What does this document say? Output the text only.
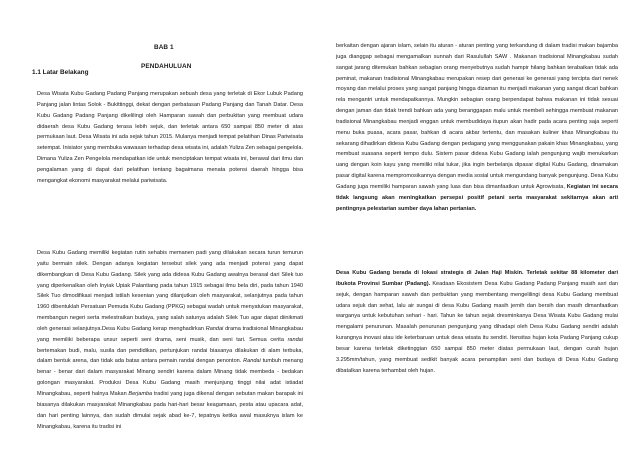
BAB 1
PENDAHULUAN
1.1 Latar Belakang

Desa Wisata Kubu Gadang Padang Panjang merupakan sebuah desa yang terletak di Ekor Lubuk Padang Panjang jalan lintas Solok - Bukittinggi, dekat dengan perbatasan Padang Panjang dan Tanah Datar. Desa Kubu Gadang Padang Panjang dikelilingi oleh Hamparan sawah dan perbukitan yang membuat udara didaerah desa Kubu Gadang terasa lebih sejuk, dan terletak antara 650 sampai 850 meter di atas permukaan laut. Desa Wisata ini ada sejak tahun 2015. Mulanya menjadi tempat pelatihan Dinas Pariwisata setempat. Inisiator yang membuka wawasan terhadap desa wisata ini, adalah Yuliza Zen sebagai pengelola. Dimana Yuliza Zen Pengelola mendapatkan ide untuk menciptakan tempat wisata ini, berawal dari ilmu dan pengalaman yang di dapat dari pelatihan tentang bagaimana menata potensi daerah hingga bisa mengangkat ekonomi masyarakat melalui pariwisata.

Desa Kubu Gadang memiliki kegiatan rutin sehabis memanen padi yang dilakukan secara turun temurun yaitu bermain silek. Dengan adanya kegiatan tersebut silek yang ada menjadi potensi yang dapat dikembangkan di Desa Kubu Gadang. Silek yang ada didesa Kubu Gadang awalnya berasal dari Silek tuo yang diperkenalkan oleh Inyiak Upiak Palantiang pada tahun 1915 sebagai ilmu bela diri, pada tahun 1940 Silek Tuo dimodifikasi menjadi istilah kesenian yang dilanjutkan oleh masyarakat, selanjutnya pada tahun 1960 dibentuklah Persatuan Pemuda Kubu Gadang (PPKG) sebagai wadah untuk menyatukan masyarakat, membangun negeri serta melestraikan budaya, yang salah satunya adalah Silek Tuo agar dapat diinikmati oleh generasi selanjutnya.Desa Kubu Gadang kerap menghadirkan Randai drama tradisional Minangkabau yang memiliki beberapa unsur seperti seni drama, seni musik, dan seni tari. Semua cerita randai bertemakan budi, malu, susila dan pendidikan, pertunjukan randai biasanya dilakukan di alam terbuka, dalam bentuk arena, dan tidak ada batas antara pemain randai dengan penonton. Randai tumbuh menang benar - benar dari dalam masyarakat Minang sendiri karena dalam Minang tidak membeda - bedakan golongan masyarakat. Produksi Desa Kubu Gadang masih menjunjung tinggi nilai adat istiadat Minangkabau, seperti halnya Makan Berjamba tradisi yang juga dikenal dengan sebutan makan barapak ini biasanya dilakukan masyarakat Minangkabau pada hari-hari besar keagamaan, pesta atau upacara adat, dan hari penting lainnya, dan sudah dimulai sejak abad ke-7, tepatnya ketika awal masuknya islam ke Minangkabau, karena itu tradisi ini

berkaitan dengan ajaran islam, selain itu aturan - aturan penting yang terkandung di dalam tradisi makan bajamba juga dianggap sebagai mengamalkan sunnah dari Rasulullah SAW . Makanan tradisional Minangkabau sudah sangat jarang ditemukan bahkan sebagian orang menyebutnya sudah hampir hilang bahkan terabaikan tidak ada peminat, makanan tradisional Minangkabau merupakan resep dari generasi ke generasi yang tercipta dari nenek moyang dan melalui proses yang sangat panjang hingga dizaman itu menjadi makanan yang sangat dicari bahkan rela mengantri untuk mendapatkannya. Mungkin sebagian orang berpendapat bahwa makanan ini tidak sesuai dengan jaman dan tidak trendi bahkan ada yang beranggapan malu untuk membeli sehingga membuat makanan tradisional Minangkabau menjadi enggan untuk membudidaya itupun akan hadir pada acara penting saja seperti menu buka puasa, acara pasar, bahkan di acara akbar tertentu, dan masakan kuliner khas Minangkabau itu sekarang dihadirkan didesa Kubu Gadang dengan pedagang yang menggunakan pakain khas Minangkabau, yang membuat suasana seperti tempo dulu. Sistem pasar didesa Kubu Gadang ialah pengunjung wajib menukarkan uang dengan koin kayu yang memiliki nilai tukar, jika ingin berbelanja dipasar digital Kubu Gadang, dinamakan pasar digital karena mempromosikannya dengan media sosial untuk mengundang banyak pengunjung. Desa Kubu Gadang juga memiliki hamparan sawah yang luas dan bisa dimanfaatkan untuk Agrowisata, Kegiatan ini secara tidak langsung akan meningkatkan persepsi positif petani serta masyarakat sekitarnya akan arti pentingnya pelestarian sumber daya lahan pertanian.

Desa Kubu Gadang berada di lokasi strategis di Jalan Haji Miskin. Terletak sekitar 88 kilometer dari ibukota Provinsi Sumbar (Padang). Keadaan Ekosistem Desa Kubu Gadang Padang Panjang masih asri dan sejuk, dengan hamparan sawah dan perbukitan yang membentang mengelilingi desa Kubu Gadang membuat udara sejuk dan sehat, lalu air sungai di desa Kubu Gadang masih jernih dan bersih dan masih dimanfaatkan warganya untuk kebutuhan sehari - hari. Tahun ke tahun sejak dresminkanya Desa Wisata Kubu Gadang mulai mengalami penurunan. Masalah penurunan pengunjung yang dihadapi oleh Desa Kubu Gadang sendiri adalah kurangnya inovasi atau ide keterbaruan untuk desa wisata itu sendiri. Itensitas hujan kota Padang Panjang cukup besar karena terletak diketinggian 650 sampai 850 meter diatas permukaan laut, dengan curah hujan 3.295mm/tahun, yang membuat sedikit banyak acara penampilan seni dan budaya di Desa Kubu Gadang dibatalkan karena terhambat oleh hujan.
